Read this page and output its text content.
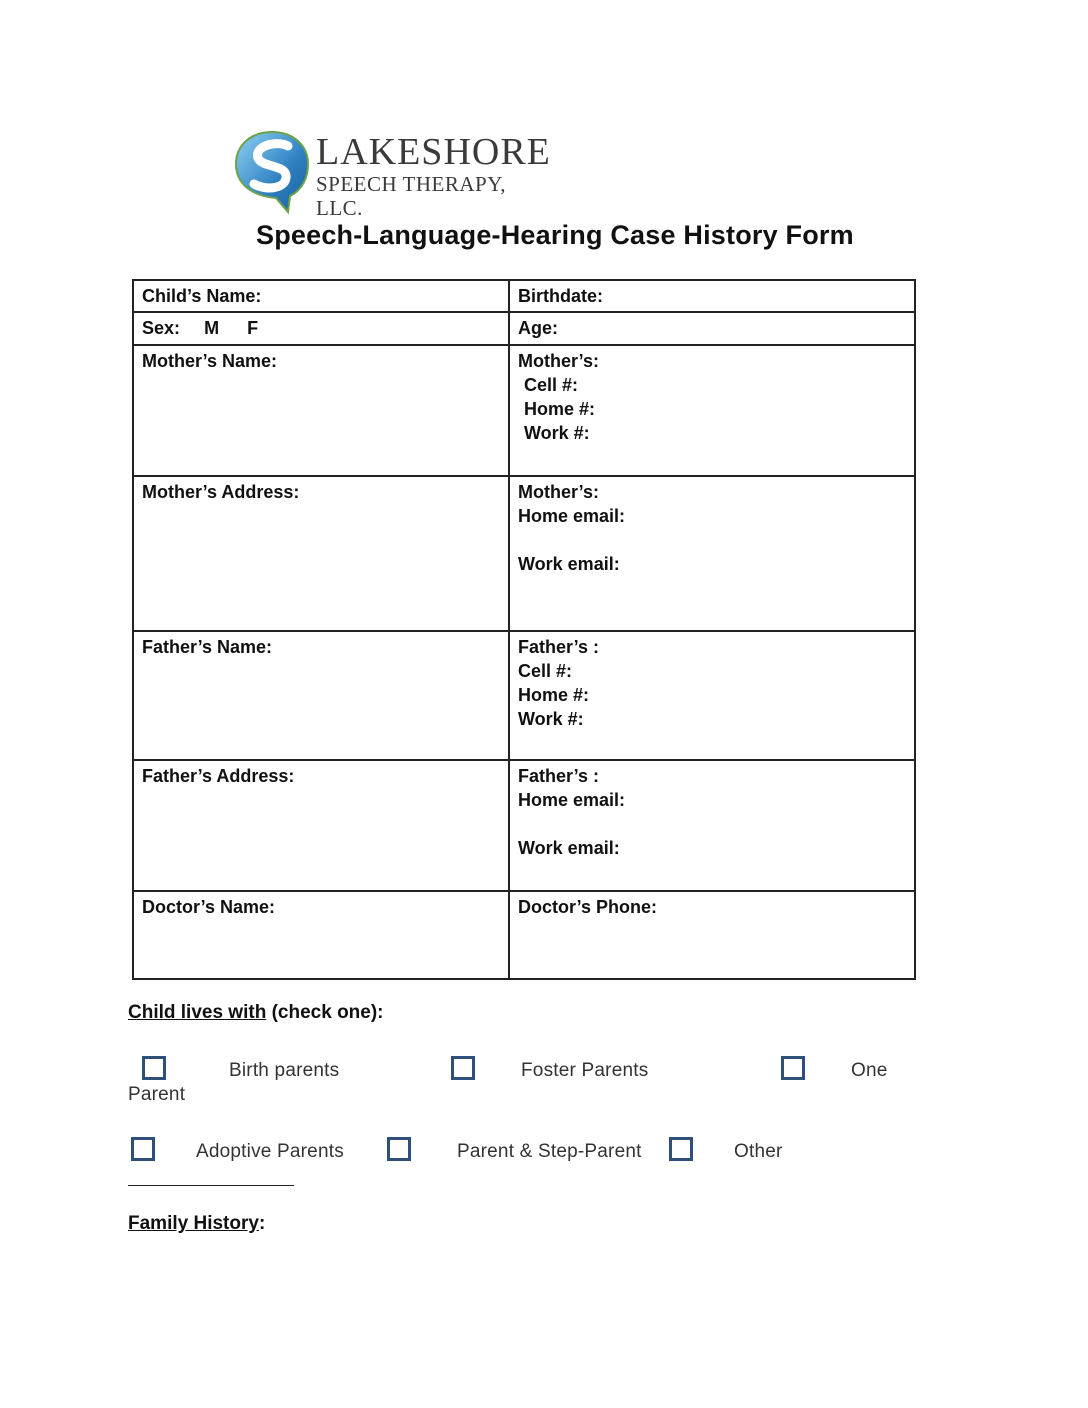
LAKESHORE
SPEECH THERAPY, LLC.
Speech-Language-Hearing Case History Form
Child’s Name:	Birthdate:
Sex: M F	Age:
Mother’s Name:	Mother’s:
Cell #:
Home #:
Work #:

Mother’s Address:	Mother’s:
Home email:
Work email:

Father’s Name:	Father’s :
Cell #:
Home #:
Work #:

Father’s Address:	Father’s :
Home email:
Work email:

Doctor’s Name:	Doctor’s Phone:
Child lives with (check one):
Birth parents	Foster Parents	One
Parent
Adoptive Parents	Parent & Step-Parent	Other
Family History:
